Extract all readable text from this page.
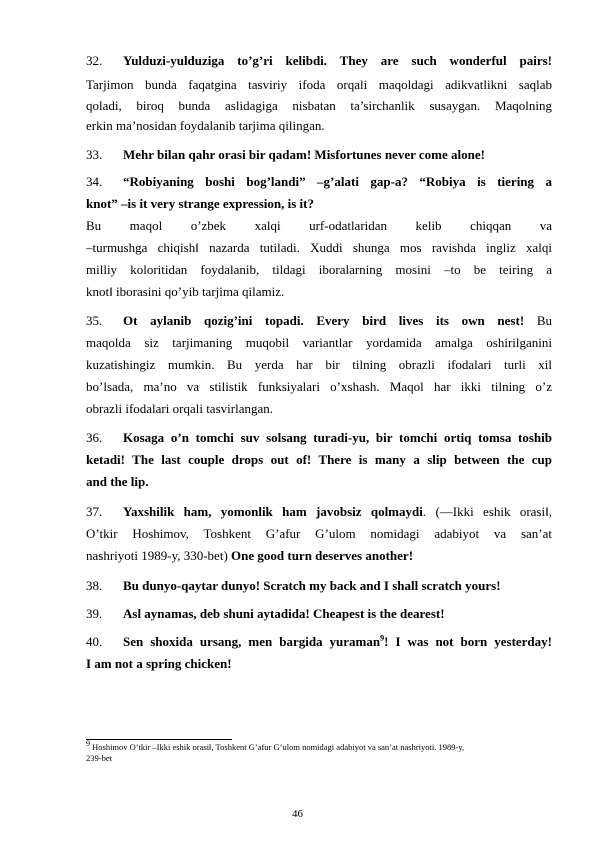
32. Yulduzi-yulduziga to’g’ri kelibdi. They are such wonderful pairs!
Tarjimon bunda faqatgina tasviriy ifoda orqali maqoldagi adikvatlikni saqlab
qoladi, biroq bunda aslidagiga nisbatan ta’sirchanlik susaygan. Maqolning
erkin ma’nosidan foydalanib tarjima qilingan.
33. Mehr bilan qahr orasi bir qadam! Misfortunes never come alone!
34. “Robiyaning boshi bog’landi” –g’alati gap-a? “Robiya is tiering a
knot” –is it very strange expression, is it?
Bu maqol o’zbek xalqi urf-odatlaridan kelib chiqqan va
–turmushga chiqish‖ nazarda tutiladi. Xuddi shunga mos ravishda ingliz xalqi
milliy koloritidan foydalanib, tildagi iboralarning mosini –to be teiring a
knot‖ iborasini qo’yib tarjima qilamiz.
35. Ot aylanib qozig’ini topadi. Every bird lives its own nest! Bu
maqolda siz tarjimaning muqobil variantlar yordamida amalga oshirilganini
kuzatishingiz mumkin. Bu yerda har bir tilning obrazli ifodalari turli xil
bo’lsada, ma’no va stilistik funksiyalari o’xshash. Maqol har ikki tilning o’z
obrazli ifodalari orqali tasvirlangan.
36. Kosaga o’n tomchi suv solsang turadi-yu, bir tomchi ortiq tomsa toshib
ketadi! The last couple drops out of! There is many a slip between the cup
and the lip.
37. Yaxshilik ham, yomonlik ham javobsiz qolmaydi. (―Ikki eshik orasi‖,
O’tkir Hoshimov, Toshkent G’afur G’ulom nomidagi adabiyot va san’at
nashriyoti 1989-y, 330-bet) One good turn deserves another!
38. Bu dunyo-qaytar dunyo! Scratch my back and I shall scratch yours!
39. Asl aynamas, deb shuni aytadida! Cheapest is the dearest!
40. Sen shoxida ursang, men bargida yuraman$^9$! I was not born yesterday!
I am not a spring chicken!
$^9$ Hoshimov O’tkir –Ikki eshik orasi‖, Toshkent G’afur G’ulom nomidagi adabiyot va san’at nashriyoti. 1989-y,
239-bet
46
